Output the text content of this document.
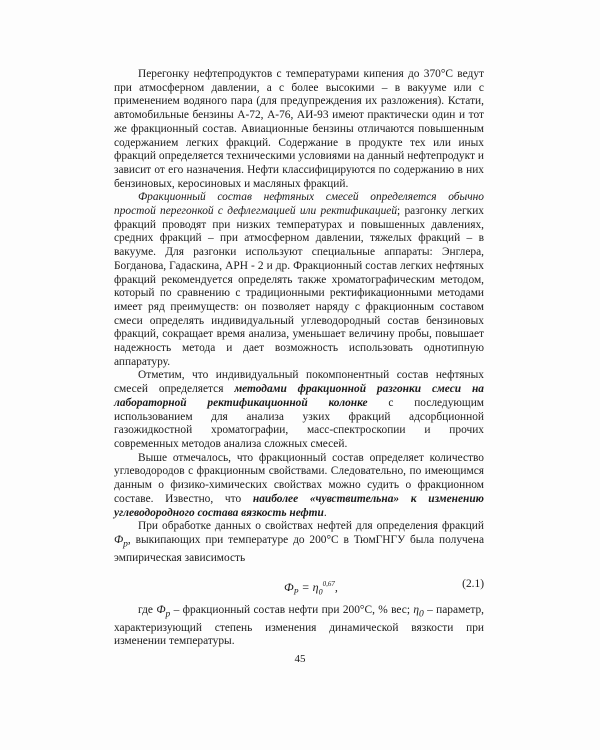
Перегонку нефтепродуктов с температурами кипения до 370°С ведут при атмосферном давлении, а с более высокими – в вакууме или с применением водяного пара (для предупреждения их разложения). Кстати, автомобильные бензины А-72, А-76, АИ-93 имеют практически один и тот же фракционный состав. Авиационные бензины отличаются повышенным содержанием легких фракций. Содержание в продукте тех или иных фракций определяется техническими условиями на данный нефтепродукт и зависит от его назначения. Нефти классифицируются по содержанию в них бензиновых, керосиновых и масляных фракций.

Фракционный состав нефтяных смесей определяется обычно простой перегонкой с дефлегмацией или ректификацией; разгонку легких фракций проводят при низких температурах и повышенных давлениях, средних фракций – при атмосферном давлении, тяжелых фракций – в вакууме. Для разгонки используют специальные аппараты: Энглера, Богданова, Гадаскина, АРН - 2 и др. Фракционный состав легких нефтяных фракций рекомендуется определять также хроматографическим методом, который по сравнению с традиционными ректификационными методами имеет ряд преимуществ: он позволяет наряду с фракционным составом смеси определять индивидуальный углеводородный состав бензиновых фракций, сокращает время анализа, уменьшает величину пробы, повышает надежность метода и дает возможность использовать однотипную аппаратуру.

Отметим, что индивидуальный покомпонентный состав нефтяных смесей определяется методами фракционной разгонки смеси на лабораторной ректификационной колонке с последующим использованием для анализа узких фракций адсорбционной газожидкостной хроматографии, масс-спектроскопии и прочих современных методов анализа сложных смесей.

Выше отмечалось, что фракционный состав определяет количество углеводородов с фракционным свойствами. Следовательно, по имеющимся данным о физико-химических свойствах можно судить о фракционном составе. Известно, что наиболее «чувствительна» к изменению углеводородного состава вязкость нефти.

При обработке данных о свойствах нефтей для определения фракций $Ф_р$, выкипающих при температуре до 200°С в ТюмГНГУ была получена эмпирическая зависимость

$Ф_Р = \eta_0^{0,67}$,	(2.1)

где $Ф_р$ – фракционный состав нефти при 200°С, % вес; $\eta_0$ – параметр, характеризующий степень изменения динамической вязкости при изменении температуры.

45
